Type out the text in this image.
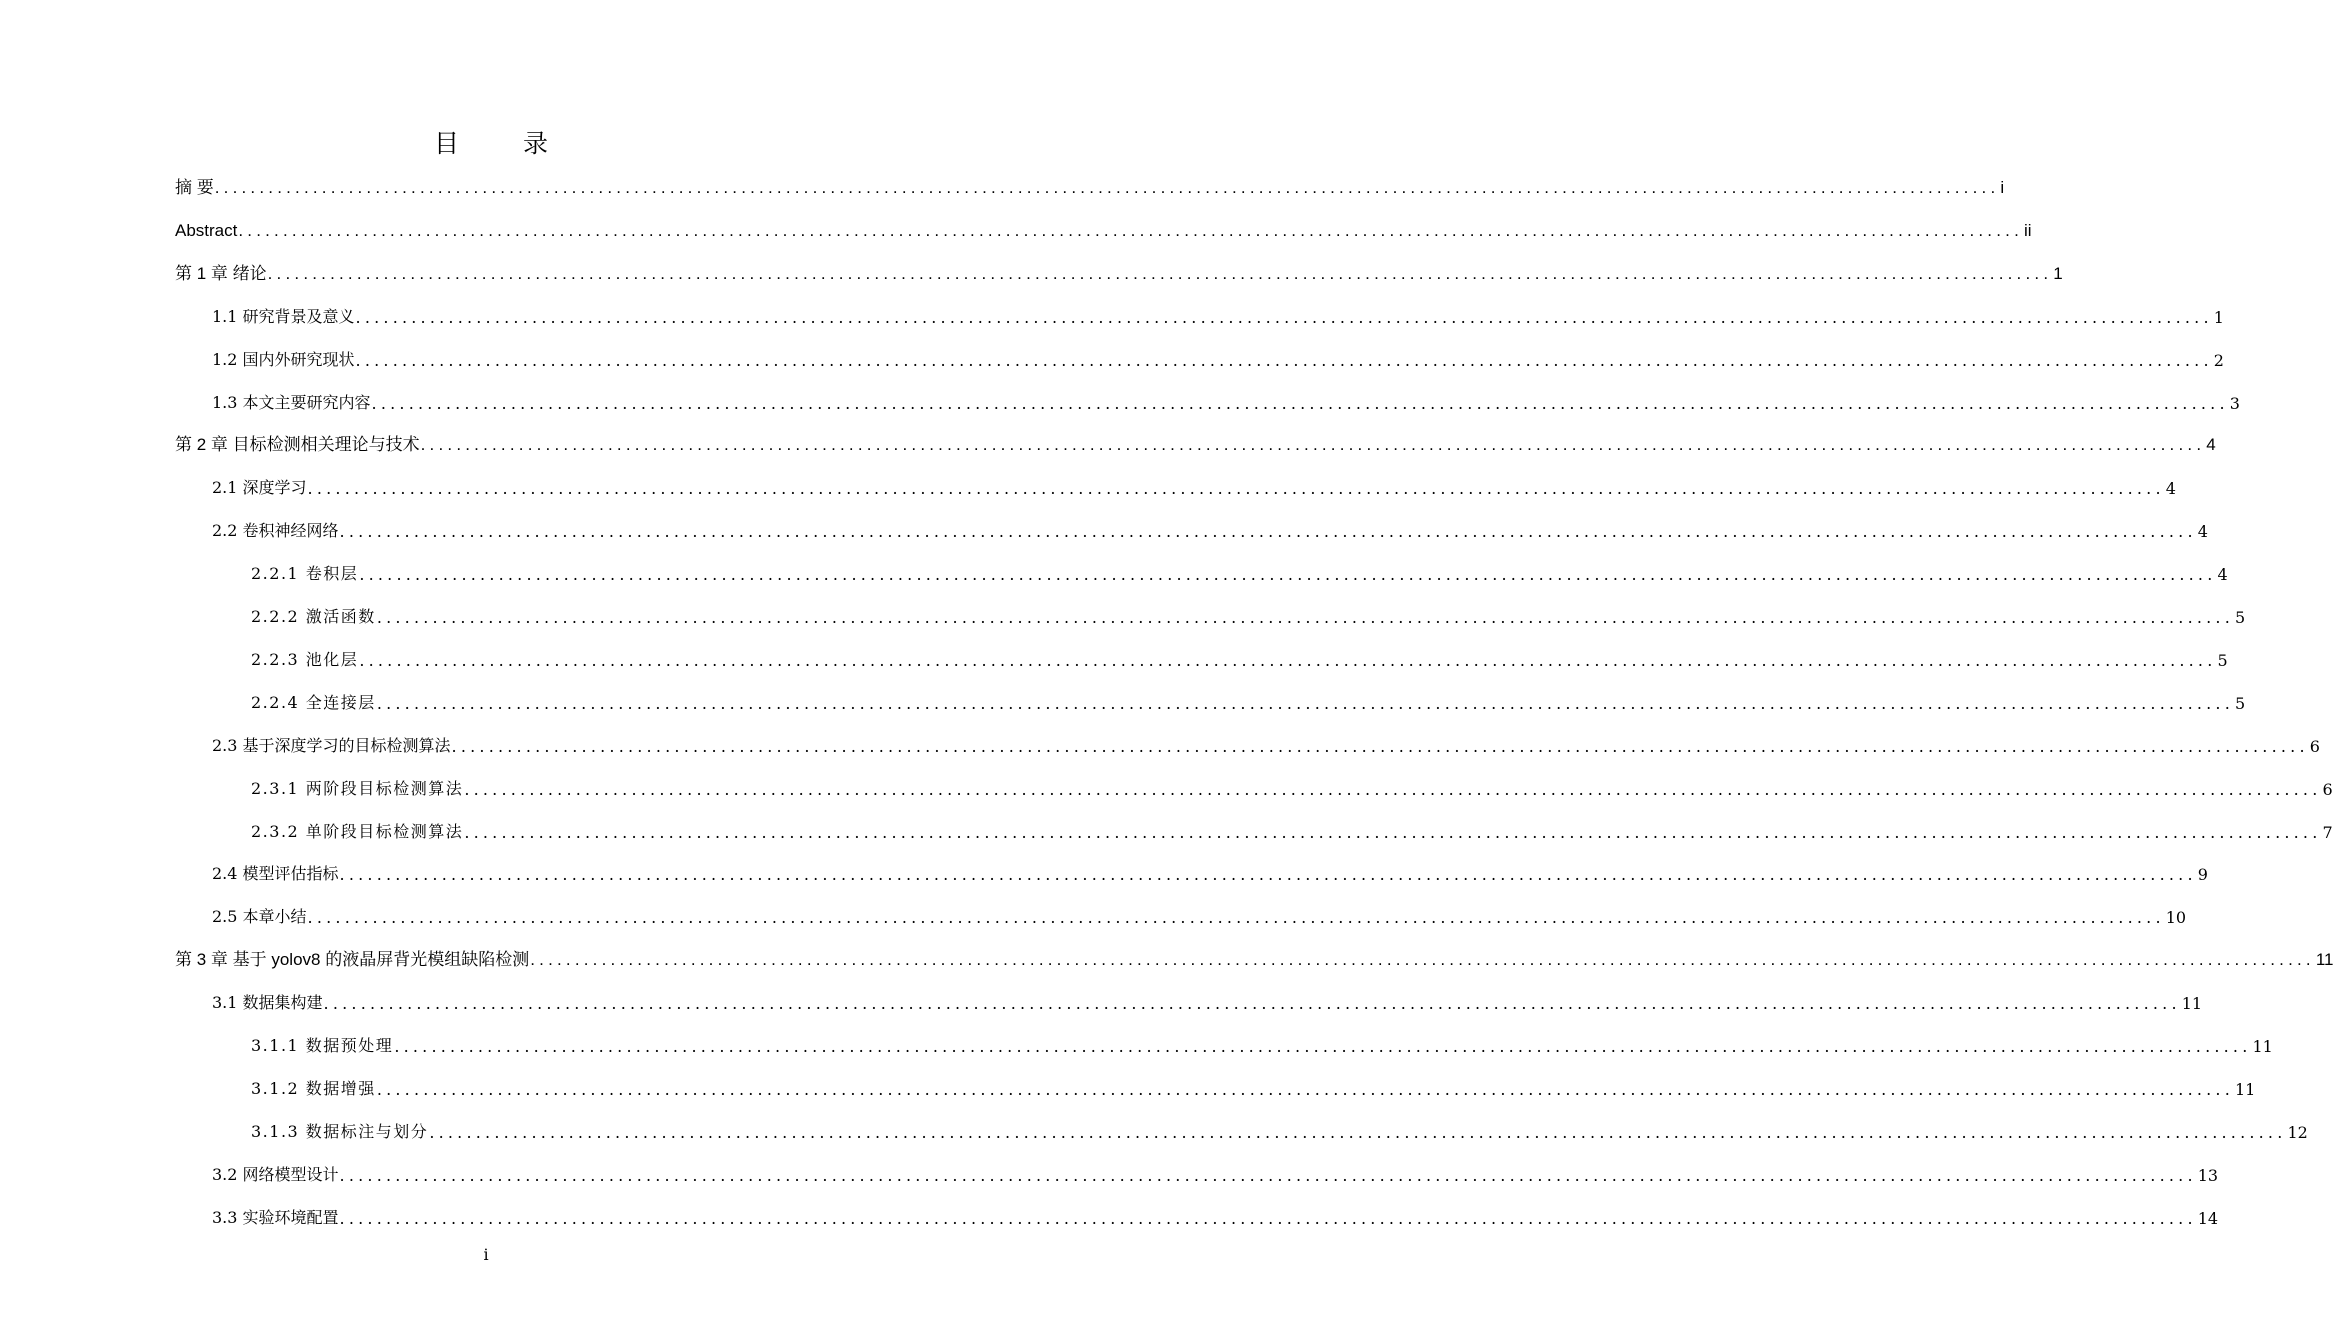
目 录
摘 要 ........................................................................................................................................................................................................ i
Abstract ........................................................................................................................................................................................................ ii
第 1 章 绪论 ........................................................................................................................................................................................................ 1
1.1 研究背景及意义 ........................................................................................................................................................................................................ 1
1.2 国内外研究现状 ........................................................................................................................................................................................................ 2
1.3 本文主要研究内容 ........................................................................................................................................................................................................ 3
第 2 章 目标检测相关理论与技术 ........................................................................................................................................................................................................ 4
2.1 深度学习 ........................................................................................................................................................................................................ 4
2.2 卷积神经网络 ........................................................................................................................................................................................................ 4
2.2.1 卷积层 ........................................................................................................................................................................................................ 4
2.2.2 激活函数 ........................................................................................................................................................................................................ 5
2.2.3 池化层 ........................................................................................................................................................................................................ 5
2.2.4 全连接层 ........................................................................................................................................................................................................ 5
2.3 基于深度学习的目标检测算法 ........................................................................................................................................................................................................ 6
2.3.1 两阶段目标检测算法 ........................................................................................................................................................................................................ 6
2.3.2 单阶段目标检测算法 ........................................................................................................................................................................................................ 7
2.4 模型评估指标 ........................................................................................................................................................................................................ 9
2.5 本章小结 ........................................................................................................................................................................................................ 10
第 3 章 基于 yolov8 的液晶屏背光模组缺陷检测 ........................................................................................................................................................................................................ 11
3.1 数据集构建 ........................................................................................................................................................................................................ 11
3.1.1 数据预处理 ........................................................................................................................................................................................................ 11
3.1.2 数据增强 ........................................................................................................................................................................................................ 11
3.1.3 数据标注与划分 ........................................................................................................................................................................................................ 12
3.2 网络模型设计 ........................................................................................................................................................................................................ 13
3.3 实验环境配置 ........................................................................................................................................................................................................ 14
i
